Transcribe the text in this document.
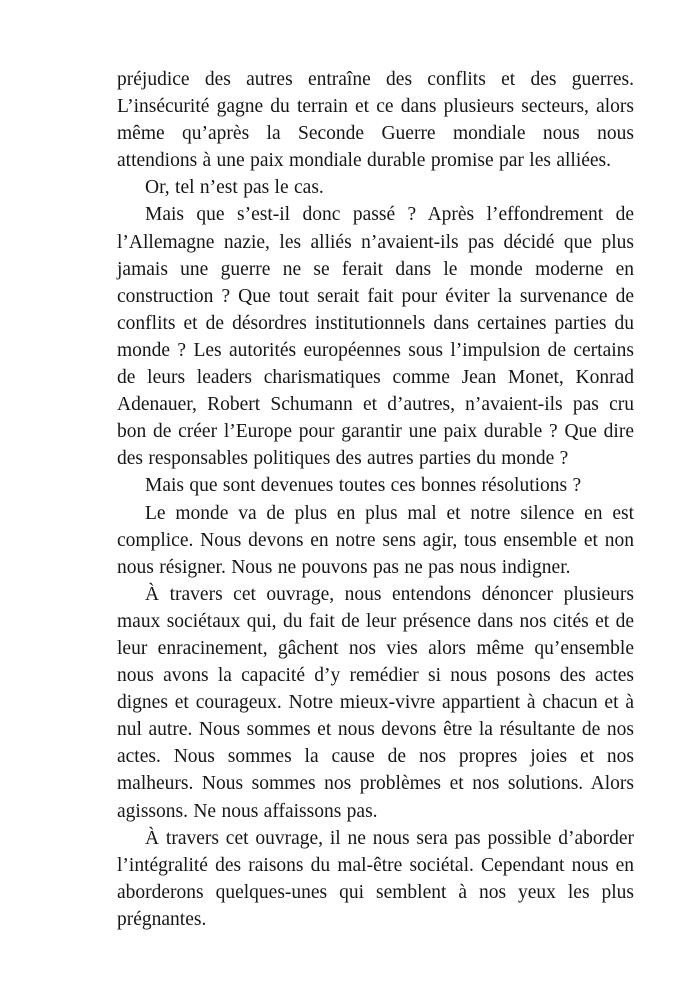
préjudice des autres entraîne des conflits et des guerres. L’insécurité gagne du terrain et ce dans plusieurs secteurs, alors même qu’après la Seconde Guerre mondiale nous nous attendions à une paix mondiale durable promise par les alliées.

Or, tel n’est pas le cas.

Mais que s’est-il donc passé ? Après l’effondrement de l’Allemagne nazie, les alliés n’avaient-ils pas décidé que plus jamais une guerre ne se ferait dans le monde moderne en construction ? Que tout serait fait pour éviter la survenance de conflits et de désordres institutionnels dans certaines parties du monde ? Les autorités européennes sous l’impulsion de certains de leurs leaders charismatiques comme Jean Monet, Konrad Adenauer, Robert Schumann et d’autres, n’avaient-ils pas cru bon de créer l’Europe pour garantir une paix durable ? Que dire des responsables politiques des autres parties du monde ?

Mais que sont devenues toutes ces bonnes résolutions ?

Le monde va de plus en plus mal et notre silence en est complice. Nous devons en notre sens agir, tous ensemble et non nous résigner. Nous ne pouvons pas ne pas nous indigner.

À travers cet ouvrage, nous entendons dénoncer plusieurs maux sociétaux qui, du fait de leur présence dans nos cités et de leur enracinement, gâchent nos vies alors même qu’ensemble nous avons la capacité d’y remédier si nous posons des actes dignes et courageux. Notre mieux-vivre appartient à chacun et à nul autre. Nous sommes et nous devons être la résultante de nos actes. Nous sommes la cause de nos propres joies et nos malheurs. Nous sommes nos problèmes et nos solutions. Alors agissons. Ne nous affaissons pas.

À travers cet ouvrage, il ne nous sera pas possible d’aborder l’intégralité des raisons du mal-être sociétal. Cependant nous en aborderons quelques-unes qui semblent à nos yeux les plus prégnantes.
